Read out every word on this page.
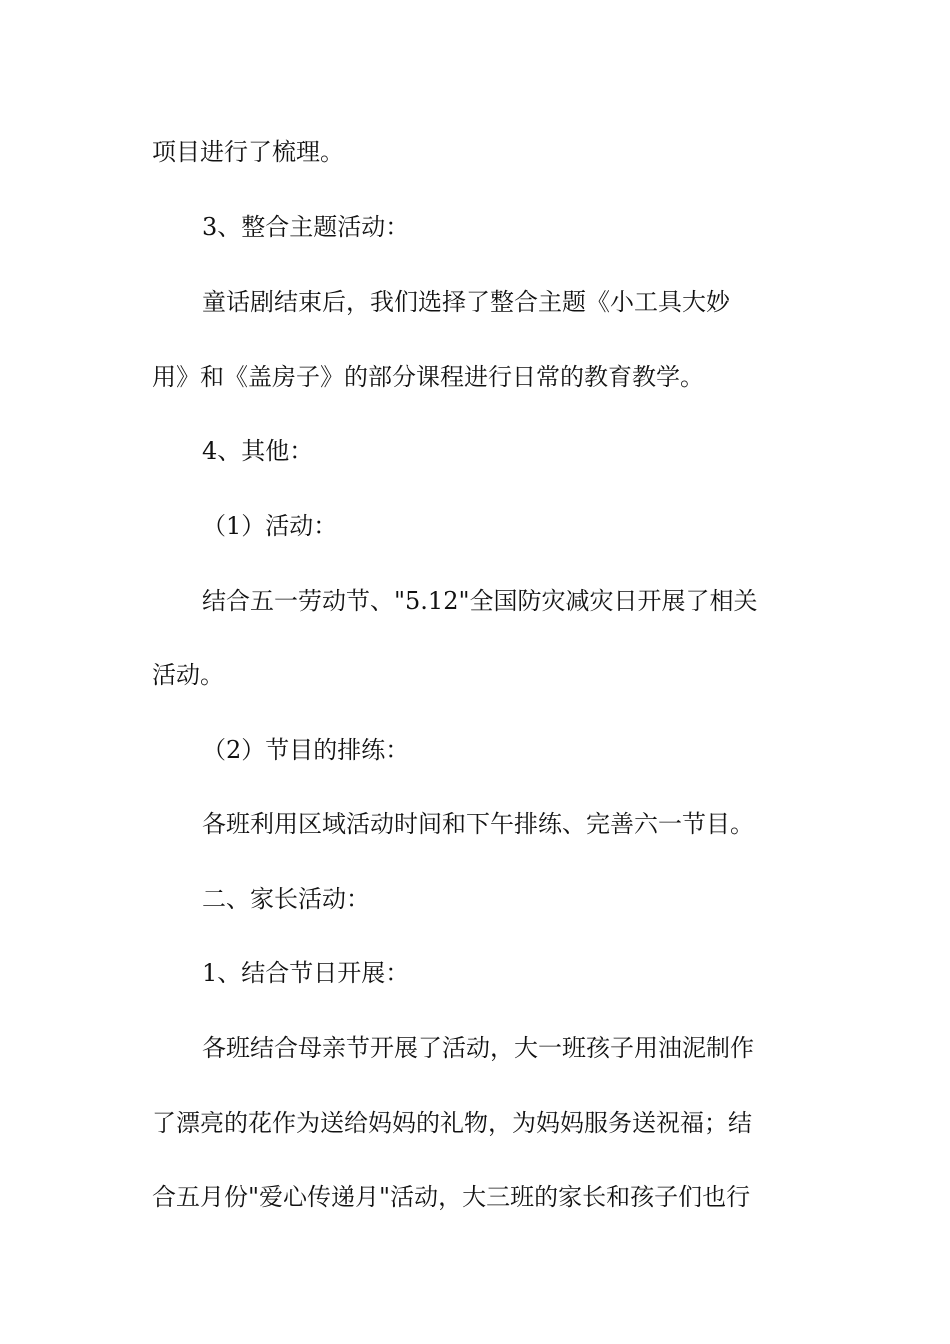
项目进行了梳理。
3、整合主题活动：
童话剧结束后，我们选择了整合主题《小工具大妙
用》和《盖房子》的部分课程进行日常的教育教学。
4、其他：
（1）活动：
结合五一劳动节、"5.12"全国防灾减灾日开展了相关
活动。
（2）节目的排练：
各班利用区域活动时间和下午排练、完善六一节目。
二、家长活动：
1、结合节日开展：
各班结合母亲节开展了活动，大一班孩子用油泥制作
了漂亮的花作为送给妈妈的礼物，为妈妈服务送祝福；结
合五月份"爱心传递月"活动，大三班的家长和孩子们也行
